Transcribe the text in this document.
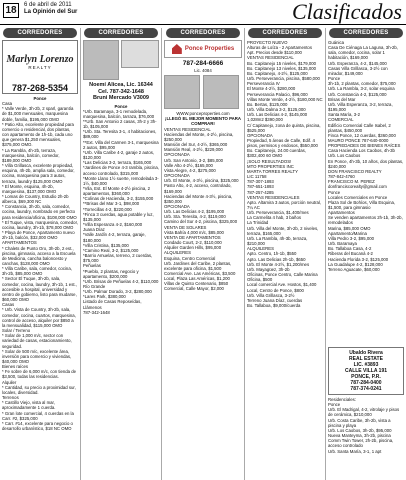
18	6 de abril de 2011
La Opinión del Sur	Clasificados
CORREDORES
Marlyn Lorenzo
REALTY
787-268-5354
Ponce
Casa
* Valle Verde, 3h-2b, 2 sparl, garantía de $1,000 mensuales, marquesina doble, familia, $195,000 OMO
* Patio Alto, excelente propiedad para comercio o residencial, dos plantas, con apartamento de 1h-1b, cada uno que genera $1,250 mensuales, $375,000 OMO.
* La Rambla, 4h-2b, terraza, marquesina, balcón, comedor, $189,000 OMO
* Villa Grillasca, excelente propiedad, esquina, 4h-2b, amplia sala, comedor, cocina, marquesina para 3 autos, terraza, laundry $125,000 OMO
* El Monte, esquina, 4h-2b, marquesina, $137,000 OMO
* Lomas de Country, Estudio 2h-2b alberca, $69,300 NC
* Constancia, 3h-2b, sala, comedor, cocina, laundry, nombrado en perfecto para residencia/oficina, $108,000 OMO
* El Tuque, vista, marquesina, comedor, cocina, laundry, 3h-1b, $78,000 OMO
* Playa de Ponce, Apartamento nuevo 2h-1b, balcón, $32,000 OMO
APARTAMENTOS
* Chalets de Punto Oro, 3h-2b, 2 est., piscina, gimnasio, acceso a la Escuela de Medicina, cancha baloncesto y canchas, $128,000 OMO
* Villa Caribe, sala, comedor, cocina, 3h-2b, $85,000 OMO
* Sector El Tuque, 3h-2b, sala, comedor, cocina, laundry, 3h-1b, 1 est., accesible a hospital, universidad y centro de gobierno, listo para mudarse, $60,000 OMO
Casas
* Urb. Vista de Country, 3h-2b, sala, comedor, cocina, cuartos, marquesina, control de acceso, alquiler por $850 a la mensualidad, $115,000 OMO
Solar / Terreno
* Solar de 1,000 m/c, sector con variedad de casas, estacionamiento, seguridad.
* Solar de 500 m/c, excelente área, inversión para comercio y viviendas, $40,000 OMO
Bienes raíces
* Fe sobre de 6,000 m/c, con tienda de $3,500, todas las residencias.
Alquiler
* Cantidad, su precio a proximidad sur, locales, diversidad.
Terrenos
* Castillo Viejo, vista al mar, aproximadamente 1 cuerda.
* Gran lote comercial, 4 cuerdas en la Carr. #2, $325,000
* Carr. #14, excelente para negocio o desarrollo urbanístico, $18 NC OMO
CORREDORES
Noemí Alicea, Lic. 16344
Cel. 787-342-1648
Bruni Mercado V3009
Ponce
*Urb. Baramaya, 3-1 remodelada, marquesina, balcón, tarraza, $76,000
**Urb. San Antonio 2 casas, 3h-2 y 3h-1b, $105,000
*Urb. Sta. Teresita 3-1, 4 habitaciones, $89,000
**Ext. Villa del Carmen 3-1, marquesina 2 autos, $95,000
*Urb. Villa Caribe 4-2, garaje 2 autos, $120,000
*Las Delicias 3-2, terraza, $165,000
*Jardines de Ponce 4-3 rambla, piscina, acceso controlado, $315,000
*Monte Llano 1½ suerte, remodelada 3-1½, $40,000
*Vila, Est. El Monte 4-2½ piscina, 2 apartamentos, $360,000
*Colinas de Hacienda, 3-2, $155,000
**Brisas del Mar 3-1, $98,000
*Torrecillas 4-2, $220,000
*Finca 3 cuerdas, agua potable y luz, $135,000
*Villa Esperanza 4-2, $160,000
Juana Díaz
*Valle Jardín 4-2, terraza, garaje, $180,000
*Villa Cristina, $135,000
*Camino Real, 3-2, $125,000
*Barrio Amuelas, terreno, 2 cuerdas, $75,000
Peñuelas
*Pueblo, 2 plantas, negocio y apartamento, $200,000
*Urb. Brisas de Peñuelas 4-2, $110,000
Río Grande
*Urb. Palmar Dorado, 3-2, $280,000
*Lares Park, $380,000
Listado de Casas Reposeídas, Llámenos
787-342-1648
CORREDORES
Ponce Properties
787-284-6666
Lic. 4084
WWW.ponceproperties.com
¡LLEGÓ EL MEJOR MOMENTO PARA COMPRAR!
VENTAS RESIDENCIAL
Haciendas del Monte, 4-2½, piscina, $250,000
Mansión del Sur, 4-2½, $365,000
Mansión Real, 4-2½, $229,000
OPCIONADA
Urb. San Antonio, 3-2, $85,000
Valle Alto 4-2½, $165,000
Vista Alegre, 4-2, $275,000
OPCIONADA
Urb. El Monte, 4-3½, piscina, $325,000
Pasto Alto, 4-2, acceso, controlado, $169,000
Haciendas del Monte 4-3½, piscina, $350,000
OPCIONADA
Urb. Las Delicias 4-2, $195,000
Urb. Sta. Teresita, 4-2, $119,000
Camino del Sur 4-2, piscina, $325,000
VENTA DE SOLARES
Vista Bahía 4,000 m/c, $85,000
VENTA DE APARTAMENTOS
Condado Court, 2-2, $110,000
Alquiler Garden Hills, $95,000
ALQUILERES
Esquina, Centro Comercial
Urb. Jardines del Caribe, 2 plantas, excelente para oficina, $1,500
Comercial Ave. Las Américas, $3,500
Local, Plaza Las Américas, $1,200
Villas de Quinto Centenario, $850
Comercial, Calle Mayor, $2,000
CORREDORES
PROYECTO NUEVO
Alturas de Loíza - 2 Apartamentos
Apt. Precios desde $110,000
VENTAS RESIDENCIAL
Bo. Capitanejo 15 niveles, $179,000
Bo. Capitanejo 13 niveles, $135,000
Bo. Capitanejo, 4-2½, $125,000
Urb. Perseverancia, piscina, $580,000
Perseverancia IV
El Monte 4-2½, $280,000
Perseverancia Palacio, $96,000
Villas Monte Verde, 4-2½, $180,000 NC
Bo. Bertas, $125,000
Urb. Villa Dalma 3-2, $125,000
Urb. Las Delicias 4-2, $145,000
1,028m2 $390,000
C/ Capitanejo, zona de quinta, piscina, $525,000
OPCIONADA
Propiedad, 5 áreas de Calle, Edif. 4 pisos, permisos y endosos, $550,000
Bo. Capitanejo, 24.00 cuerdas, $302,400 60 OMO
¡SOLO RESULTADOS!
MTO PROPERTIES INC
MARTA TORRES REALTY
LIC 11758
787-307-1893
787-651-1893
787-257-4285
VENTAS RESIDENCIALES
Apto. Altamira 3 autos, porción neutral, 7¼ AC
Urb. Perseverancia, $1,400/mes
La Carmelita 4 hab, 3 baños
La Trinidad
Urb. Villa del Monte, 3h-2b, 2 niveles, terraza, $165,000
Urb. La Rambla, 4h-3b, terraza, $210,000
ALQUILERES
Apto. Centro, 1h-1b, $550
Apto. Las Delicias 2h-1b, $650
Urb. El Monte 4-2½, $1,200/mes
Urb. Mayagüez, 3h-2b
Oficinas, Ponce Centro, Calle Marina
Oficina, $500
Local comercial Ave. Hostos, $1,400
Local, Centro de Ponce, $800
Urb. Villa Grillasca, 3-2½
Terreno Juana Díaz, cuerdas
Bo. Tallaboa, $9,000/cuerda
CORREDORES
Guánica
Casa De Ciénaga La Laguna, 3h-2b, sala, comedor, cocina, solar 1 habitación, $169,000
Urb. Esperanza, 4-2, $145,000
Casas Villa Grillasca, 3-2½ con mirador, $149,000
Ponce
3h-1b, 2 plantas, comedor, $75,000
Urb. La Rambla, 3-2, solar esquina
Urb. Constancia 4-2, $125,000
Brisas del Mar
Urb. Villa Esperanza, 3-2, terraza, $195,000
Santa María, 3-2
COMERCIAL
Edificio Comercial Calle Isabel, 2 plantas, $450,000
Finca Ponce, 12 cuerdas, $360,000
MAURO PONCE 787-640-0000
PROPIEDADES DE BIENES RAÍCES
Casa Hacienda Los Caobos, 4h-3b
Urb. Los Caobos
En Ponce, 4h-3b, 10 años, dos plantas, $240,000
DON FRANCISCO REALTY
787-842-4760
FRANCISCO M. PEREZ
donfranciscorealty@gmail.com
Ponce
Locales Comerciales en Ponce
Plaza Sol de Bohíos, Villa Esquina, $1,500, para gimnasio
Apartamentos
Se venden apartamentos 2h-1b, 3h-2b, remodelados
Marina, $85,000 OMO
Apartamento/Marina
Villa Pedro 3-2, $95,000
Urb. Baramaya
Bo. Tallaboa Casa, 4-2
Riberas del Bucaná 4-2
Hacienda Florida 3-2, $125,000
La Guadalupe 4-2, $128,000
Terreno Aguacate, $60,000
Ubaldo Rivera
REAL ESTATE
LIC. #3893
CALLE VILLA 191
PONCE, P.R.
787-284-0400
787-374-0241
Residenciales:
Ponce
Urb. El Madrigal, 4-2, vitrolaje y pisos de cerámica, $210,000
Urb. Costa Caribe, 3h-2b, vista a piscina y playa
Urb. Los Caobos, 3h-2b, $95,000
Nueva Manteyma, 3h-2b, piscina
Comm Twin Tower, 2h-2b, piscina, acceso controlado
Urb. Santa María, 3-1, 1 apt
